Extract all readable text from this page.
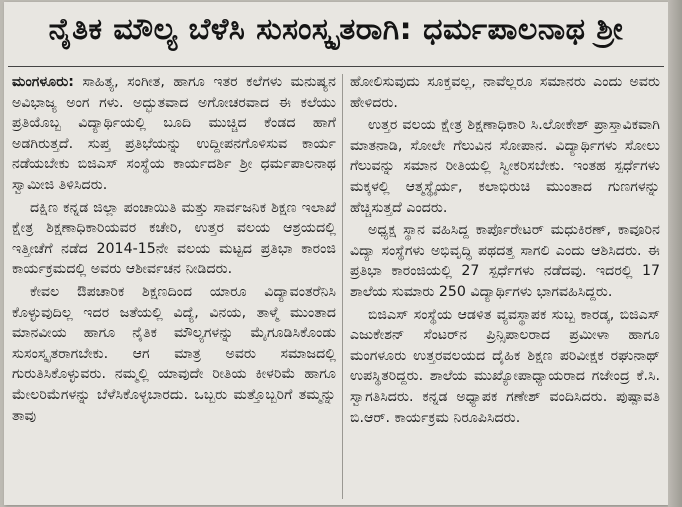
ನೈತಿಕ ಮೌಲ್ಯ ಬೆಳೆಸಿ ಸುಸಂಸ್ಕೃತರಾಗಿ: ಧರ್ಮಪಾಲನಾಥ ಶ್ರೀ

ಮಂಗಳೂರು: ಸಾಹಿತ್ಯ, ಸಂಗೀತ, ಹಾಗೂ ಇತರ ಕಲೆಗಳು ಮನುಷ್ಯನ ಅವಿಭಾಜ್ಯ ಅಂಗ ಗಳು. ಅದ್ಭುತವಾದ ಅಗೋಚರವಾದ ಈ ಕಲೆಯು ಪ್ರತಿಯೊಬ್ಬ ವಿದ್ಯಾರ್ಥಿಯಲ್ಲಿ ಬೂದಿ ಮುಚ್ಚಿದ ಕೆಂಡದ ಹಾಗೆ ಅಡಗಿರುತ್ತದೆ. ಸುಪ್ತ ಪ್ರತಿಭೆಯನ್ನು ಉದ್ದೀಪನಗೊಳಿಸುವ ಕಾರ್ಯ ನಡೆಯಬೇಕು ಬಿಜಿಎಸ್ ಸಂಸ್ಥೆಯ ಕಾರ್ಯದರ್ಶಿ ಶ್ರೀ ಧರ್ಮಪಾಲನಾಥ ಸ್ವಾಮೀಜಿ ತಿಳಿಸಿದರು.

ದಕ್ಷಿಣ ಕನ್ನಡ ಜಿಲ್ಲಾ ಪಂಚಾಯಿತಿ ಮತ್ತು ಸಾರ್ವಜನಿಕ ಶಿಕ್ಷಣ ಇಲಾಖೆ ಕ್ಷೇತ್ರ ಶಿಕ್ಷಣಾಧಿಕಾರಿಯವರ ಕಚೇರಿ, ಉತ್ತರ ವಲಯ ಆಶ್ರಯದಲ್ಲಿ ಇತ್ತೀಚೆಗೆ ನಡೆದ 2014-15ನೇ ವಲಯ ಮಟ್ಟದ ಪ್ರತಿಭಾ ಕಾರಂಜಿ ಕಾರ್ಯಕ್ರಮದಲ್ಲಿ ಅವರು ಆಶೀರ್ವಚನ ನೀಡಿದರು.

ಕೇವಲ ಔಪಚಾರಿಕ ಶಿಕ್ಷಣದಿಂದ ಯಾರೂ ವಿದ್ಯಾವಂತರೆನಿಸಿ ಕೊಳ್ಳುವುದಿಲ್ಲ ಇದರ ಜತೆಯಲ್ಲಿ ವಿದ್ಯೆ, ವಿನಯ, ತಾಳ್ಮೆ ಮುಂತಾದ ಮಾನವೀಯ ಹಾಗೂ ನೈತಿಕ ಮೌಲ್ಯಗಳನ್ನು ಮೈಗೂಡಿಸಿಕೊಂಡು ಸುಸಂಸ್ಕೃತರಾಗಬೇಕು. ಆಗ ಮಾತ್ರ ಅವರು ಸಮಾಜದಲ್ಲಿ ಗುರುತಿಸಿಕೊಳ್ಳುವರು. ನಮ್ಮಲ್ಲಿ ಯಾವುದೇ ರೀತಿಯ ಕೀಳರಿಮೆ ಹಾಗೂ ಮೇಲರಿಮೆಗಳನ್ನು ಬೆಳೆಸಿಕೊಳ್ಳಬಾರದು. ಒಬ್ಬರು ಮತ್ತೊಬ್ಬರಿಗೆ ತಮ್ಮನ್ನು ತಾವು

ಹೋಲಿಸುವುದು ಸೂಕ್ತವಲ್ಲ, ನಾವೆಲ್ಲರೂ ಸಮಾನರು ಎಂದು ಅವರು ಹೇಳಿದರು.

ಉತ್ತರ ವಲಯ ಕ್ಷೇತ್ರ ಶಿಕ್ಷಣಾಧಿಕಾರಿ ಸಿ.ಲೋಕೇಶ್ ಪ್ರಾಸ್ತಾವಿಕವಾಗಿ ಮಾತನಾಡಿ, ಸೋಲೇ ಗೆಲುವಿನ ಸೋಪಾನ. ವಿದ್ಯಾರ್ಥಿಗಳು ಸೋಲು ಗೆಲುವನ್ನು ಸಮಾನ ರೀತಿಯಲ್ಲಿ ಸ್ವೀಕರಿಸಬೇಕು. ಇಂತಹ ಸ್ಪರ್ಧೆಗಳು ಮಕ್ಕಳಲ್ಲಿ ಆತ್ಮಸ್ಥೈರ್ಯ, ಕಲಾಭಿರುಚಿ ಮುಂತಾದ ಗುಣಗಳನ್ನು ಹೆಚ್ಚಿಸುತ್ತದೆ ಎಂದರು.

ಅಧ್ಯಕ್ಷ ಸ್ಥಾನ ವಹಿಸಿದ್ದ ಕಾರ್ಪೊರೇಟರ್ ಮಧುಕಿರಣ್, ಕಾವೂರಿನ ವಿದ್ಯಾ ಸಂಸ್ಥೆಗಳು ಅಭಿವೃದ್ಧಿ ಪಥದತ್ತ ಸಾಗಲಿ ಎಂದು ಆಶಿಸಿದರು. ಈ ಪ್ರತಿಭಾ ಕಾರಂಜಿಯಲ್ಲಿ 27 ಸ್ಪರ್ಧೆಗಳು ನಡೆದವು. ಇದರಲ್ಲಿ 17 ಶಾಲೆಯ ಸುಮಾರು 250 ವಿದ್ಯಾರ್ಥಿಗಳು ಭಾಗವಹಿಸಿದ್ದರು.

ಬಿಜಿಎಸ್ ಸಂಸ್ಥೆಯ ಆಡಳಿತ ವ್ಯವಸ್ಥಾಪಕ ಸುಬ್ಬ ಕಾರಡ್ಕ, ಬಿಜಿಎಸ್ ಎಜುಕೇಶನ್ ಸೆಂಟರ್‌ನ ಪ್ರಿನ್ಸಿಪಾಲರಾದ ಪ್ರಮೀಳಾ ಹಾಗೂ ಮಂಗಳೂರು ಉತ್ತರವಲಯದ ದೈಹಿಕ ಶಿಕ್ಷಣ ಪರಿವೀಕ್ಷಕ ರಘುನಾಥ್ ಉಪಸ್ಥಿತರಿದ್ದರು. ಶಾಲೆಯ ಮುಖ್ಯೋಪಾಧ್ಯಾಯರಾದ ಗಜೇಂದ್ರ ಕೆ.ಸಿ. ಸ್ವಾಗತಿಸಿದರು. ಕನ್ನಡ ಅಧ್ಯಾಪಕ ಗಣೇಶ್ ವಂದಿಸಿದರು. ಪುಷ್ಪಾವತಿ ಬಿ.ಆರ್. ಕಾರ್ಯಕ್ರಮ ನಿರೂಪಿಸಿದರು.
